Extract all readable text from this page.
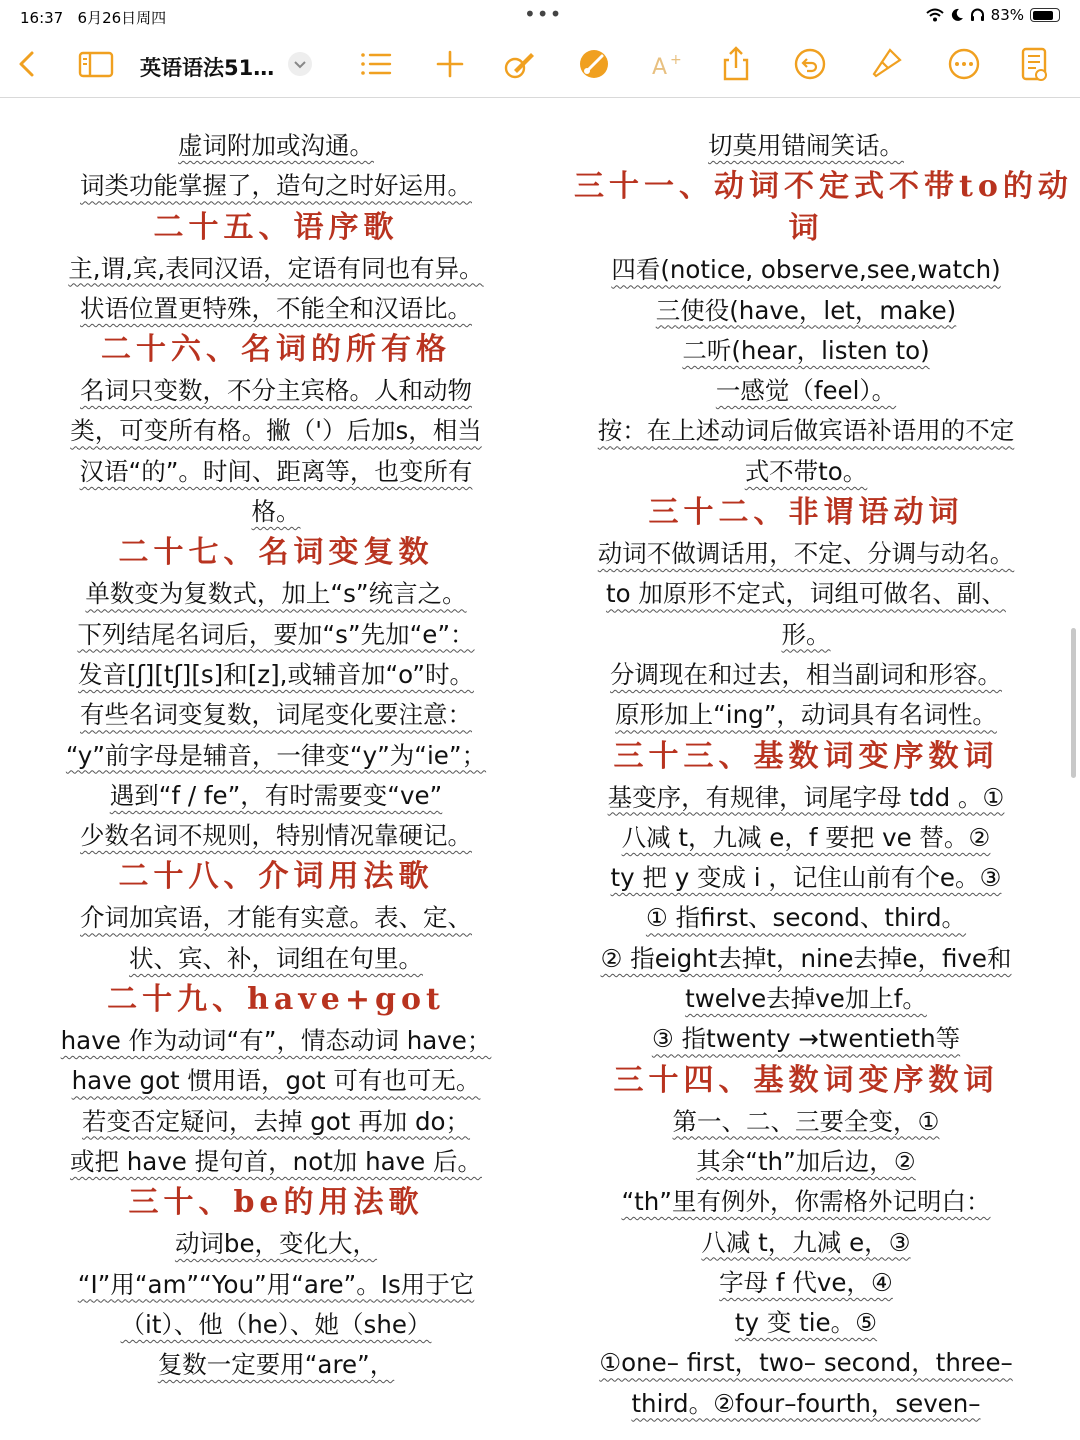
16:37 6月26日周四	•••	83%
英语语法51…	A +
虚词附加或沟通。
词类功能掌握了，造句之时好运用。
二十五、语序歌
主,谓,宾,表同汉语，定语有同也有异。
状语位置更特殊，不能全和汉语比。
二十六、名词的所有格
名词只变数，不分主宾格。人和动物
类，可变所有格。撇（'）后加s，相当
汉语“的”。时间、距离等，也变所有
格。
二十七、名词变复数
单数变为复数式，加上“s”统言之。
下列结尾名词后，要加“s”先加“e”：
发音[ʃ][tʃ][s]和[z],或辅音加“o”时。
有些名词变复数，词尾变化要注意：
“y”前字母是辅音，一律变“y”为“ie”；
遇到“f / fe”，有时需要变“ve”
少数名词不规则，特别情况靠硬记。
二十八、介词用法歌
介词加宾语，才能有实意。表、定、
状、宾、补，词组在句里。
二十九、have+got
have 作为动词“有”，情态动词 have；
have got 惯用语，got 可有也可无。
若变否定疑问，去掉 got 再加 do；
或把 have 提句首，not加 have 后。
三十、be的用法歌
动词be，变化大，
“I”用“am”“You”用“are”。Is用于它
（it）、他（he）、她（she）
复数一定要用“are”，
切莫用错闹笑话。
三十一、动词不定式不带to的动
词
四看(notice, observe,see,watch)
三使役(have，let，make)
二听(hear，listen to)
一感觉（feel）。
按：在上述动词后做宾语补语用的不定
式不带to。
三十二、非谓语动词
动词不做调话用，不定、分调与动名。
to 加原形不定式，词组可做名、副、
形。
分调现在和过去，相当副词和形容。
原形加上“ing”，动词具有名词性。
三十三、基数词变序数词
基变序，有规律，词尾字母 tdd 。①
八减 t，九减 e，f 要把 ve 替。②
ty 把 y 变成 i ，记住山前有个e。③
① 指first、second、third。
② 指eight去掉t，nine去掉e，five和
twelve去掉ve加上f。
③ 指twenty →twentieth等
三十四、基数词变序数词
第一、二、三要全变，①
其余“th”加后边，②
“th”里有例外，你需格外记明白：
八减 t，九减 e，③
字母 f 代ve，④
ty 变 tie。⑤
①one– first，two– second，three–
third。②four–fourth，seven–
